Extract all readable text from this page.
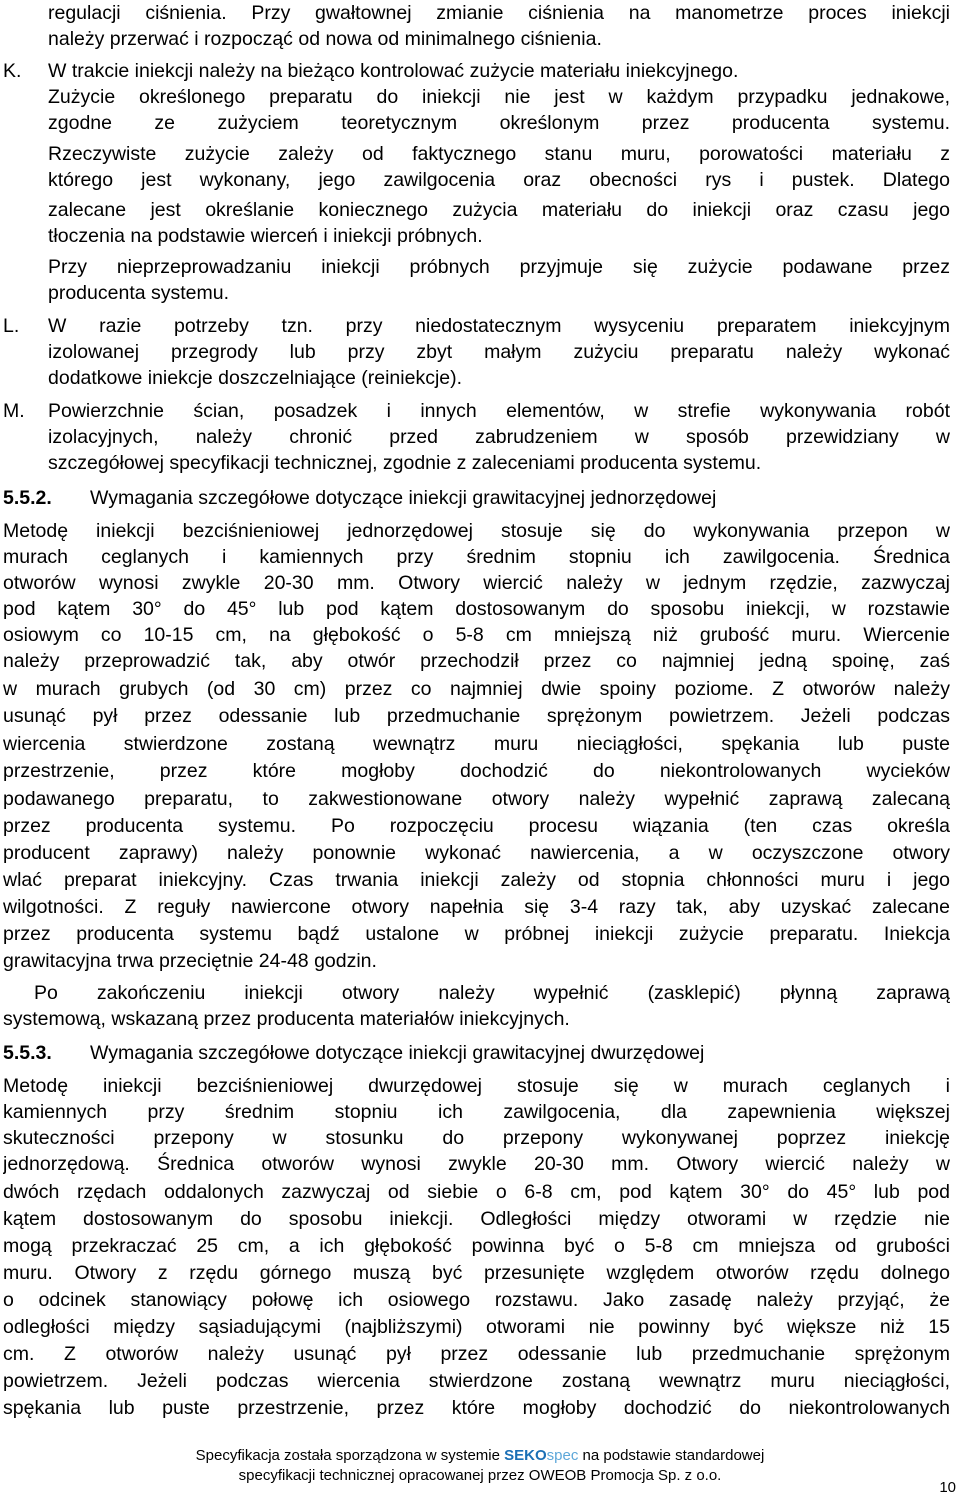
regulacji ciśnienia. Przy gwałtownej zmianie ciśnienia na manometrze proces iniekcji
należy przerwać i rozpocząć od nowa od minimalnego ciśnienia.
K. W trakcie iniekcji należy na bieżąco kontrolować zużycie materiału iniekcyjnego.
Zużycie określonego preparatu do iniekcji nie jest w każdym przypadku jednakowe,
zgodne ze zużyciem teoretycznym określonym przez producenta systemu.
Rzeczywiste zużycie zależy od faktycznego stanu muru, porowatości materiału z
którego jest wykonany, jego zawilgocenia oraz obecności rys i pustek. Dlatego
zalecane jest określanie koniecznego zużycia materiału do iniekcji oraz czasu jego
tłoczenia na podstawie wierceń i iniekcji próbnych.
Przy nieprzeprowadzaniu iniekcji próbnych przyjmuje się zużycie podawane przez
producenta systemu.
L. W razie potrzeby tzn. przy niedostatecznym wysyceniu preparatem iniekcyjnym
izolowanej przegrody lub przy zbyt małym zużyciu preparatu należy wykonać
dodatkowe iniekcje doszczelniające (reiniekcje).
M. Powierzchnie ścian, posadzek i innych elementów, w strefie wykonywania robót
izolacyjnych, należy chronić przed zabrudzeniem w sposób przewidziany w
szczegółowej specyfikacji technicznej, zgodnie z zaleceniami producenta systemu.
5.5.2. Wymagania szczegółowe dotyczące iniekcji grawitacyjnej jednorzędowej
Metodę iniekcji bezciśnieniowej jednorzędowej stosuje się do wykonywania przepon w
murach ceglanych i kamiennych przy średnim stopniu ich zawilgocenia. Średnica
otworów wynosi zwykle 20-30 mm. Otwory wiercić należy w jednym rzędzie, zazwyczaj
pod kątem 30° do 45° lub pod kątem dostosowanym do sposobu iniekcji, w rozstawie
osiowym co 10-15 cm, na głębokość o 5-8 cm mniejszą niż grubość muru. Wiercenie
należy przeprowadzić tak, aby otwór przechodził przez co najmniej jedną spoinę, zaś
w murach grubych (od 30 cm) przez co najmniej dwie spoiny poziome. Z otworów należy
usunąć pył przez odessanie lub przedmuchanie sprężonym powietrzem. Jeżeli podczas
wiercenia stwierdzone zostaną wewnątrz muru nieciągłości, spękania lub puste
przestrzenie, przez które mogłoby dochodzić do niekontrolowanych wycieków
podawanego preparatu, to zakwestionowane otwory należy wypełnić zaprawą zalecaną
przez producenta systemu. Po rozpoczęciu procesu wiązania (ten czas określa
producent zaprawy) należy ponownie wykonać nawiercenia, a w oczyszczone otwory
wlać preparat iniekcyjny. Czas trwania iniekcji zależy od stopnia chłonności muru i jego
wilgotności. Z reguły nawiercone otwory napełnia się 3-4 razy tak, aby uzyskać zalecane
przez producenta systemu bądź ustalone w próbnej iniekcji zużycie preparatu. Iniekcja
grawitacyjna trwa przeciętnie 24-48 godzin.
Po zakończeniu iniekcji otwory należy wypełnić (zasklepić) płynną zaprawą
systemową, wskazaną przez producenta materiałów iniekcyjnych.
5.5.3. Wymagania szczegółowe dotyczące iniekcji grawitacyjnej dwurzędowej
Metodę iniekcji bezciśnieniowej dwurzędowej stosuje się w murach ceglanych i
kamiennych przy średnim stopniu ich zawilgocenia, dla zapewnienia większej
skuteczności przepony w stosunku do przepony wykonywanej poprzez iniekcję
jednorzędową. Średnica otworów wynosi zwykle 20-30 mm. Otwory wiercić należy w
dwóch rzędach oddalonych zazwyczaj od siebie o 6-8 cm, pod kątem 30° do 45° lub pod
kątem dostosowanym do sposobu iniekcji. Odległości między otworami w rzędzie nie
mogą przekraczać 25 cm, a ich głębokość powinna być o 5-8 cm mniejsza od grubości
muru. Otwory z rzędu górnego muszą być przesunięte względem otworów rzędu dolnego
o odcinek stanowiący połowę ich osiowego rozstawu. Jako zasadę należy przyjąć, że
odległości między sąsiadującymi (najbliższymi) otworami nie powinny być większe niż 15
cm. Z otworów należy usunąć pył przez odessanie lub przedmuchanie sprężonym
powietrzem. Jeżeli podczas wiercenia stwierdzone zostaną wewnątrz muru nieciągłości,
spękania lub puste przestrzenie, przez które mogłoby dochodzić do niekontrolowanych
Specyfikacja została sporządzona w systemie SEKOspec na podstawie standardowej
specyfikacji technicznej opracowanej przez OWEOB Promocja Sp. z o.o.
10
